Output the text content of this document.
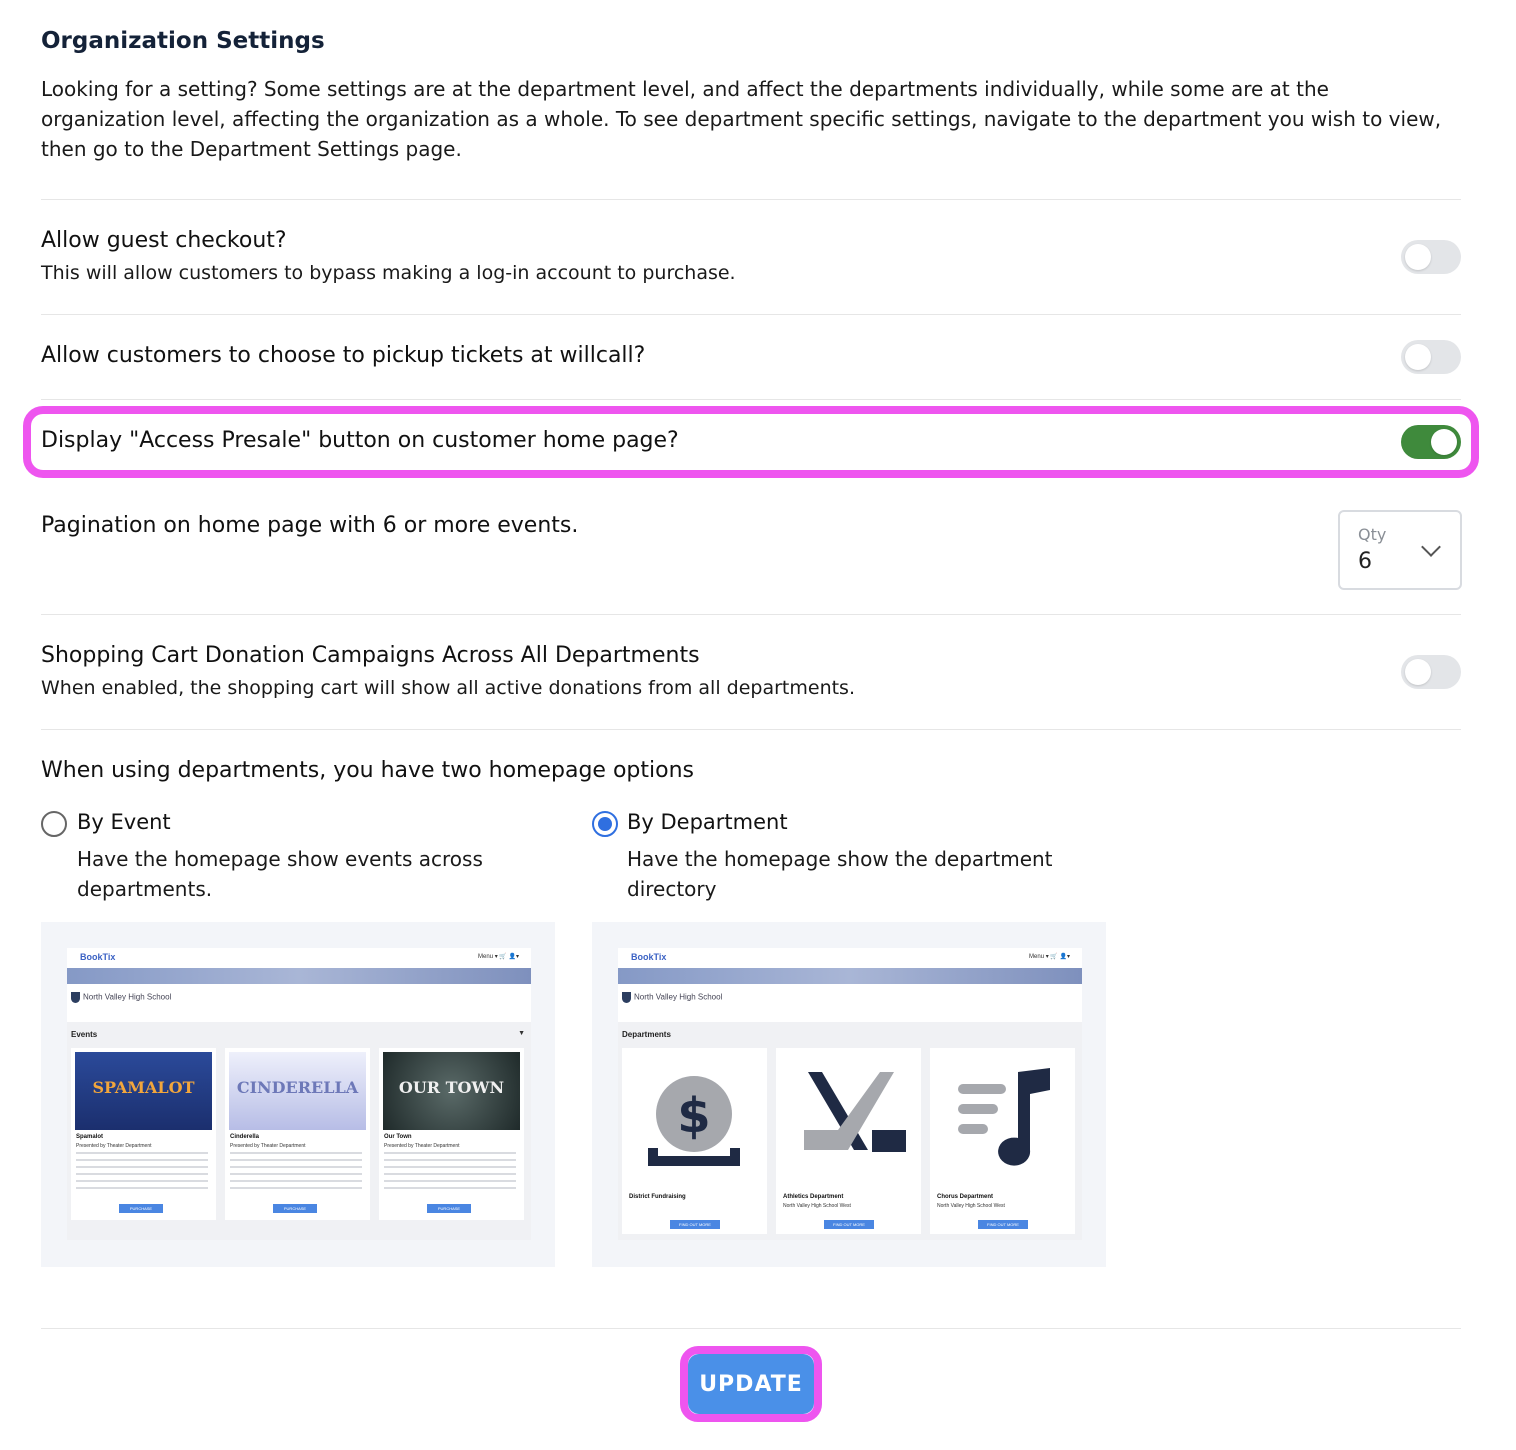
Organization Settings
Looking for a setting? Some settings are at the department level, and affect the departments individually, while some are at the organization level, affecting the organization as a whole. To see department specific settings, navigate to the department you wish to view, then go to the Department Settings page.
Allow guest checkout?
This will allow customers to bypass making a log-in account to purchase.
Allow customers to choose to pickup tickets at willcall?
Display "Access Presale" button on customer home page?
Pagination on home page with 6 or more events.	Qty
6
Shopping Cart Donation Campaigns Across All Departments
When enabled, the shopping cart will show all active donations from all departments.
When using departments, you have two homepage options
By Event
Have the homepage show events across departments.
By Department
Have the homepage show the department directory
BookTix	Menu ▾ 🛒 👤▾
North Valley High School
Events	▼
SPAMALOT
Spamalot
Presented by Theater Department
PURCHASE
CINDERELLA
Cinderella
Presented by Theater Department
PURCHASE
OUR TOWN
Our Town
Presented by Theater Department
PURCHASE
BookTix	Menu ▾ 🛒 👤▾
North Valley High School
Departments
$
District Fundraising
FIND OUT MORE
Athletics Department
North Valley High School West
FIND OUT MORE
Chorus Department
North Valley High School West
FIND OUT MORE
UPDATE
